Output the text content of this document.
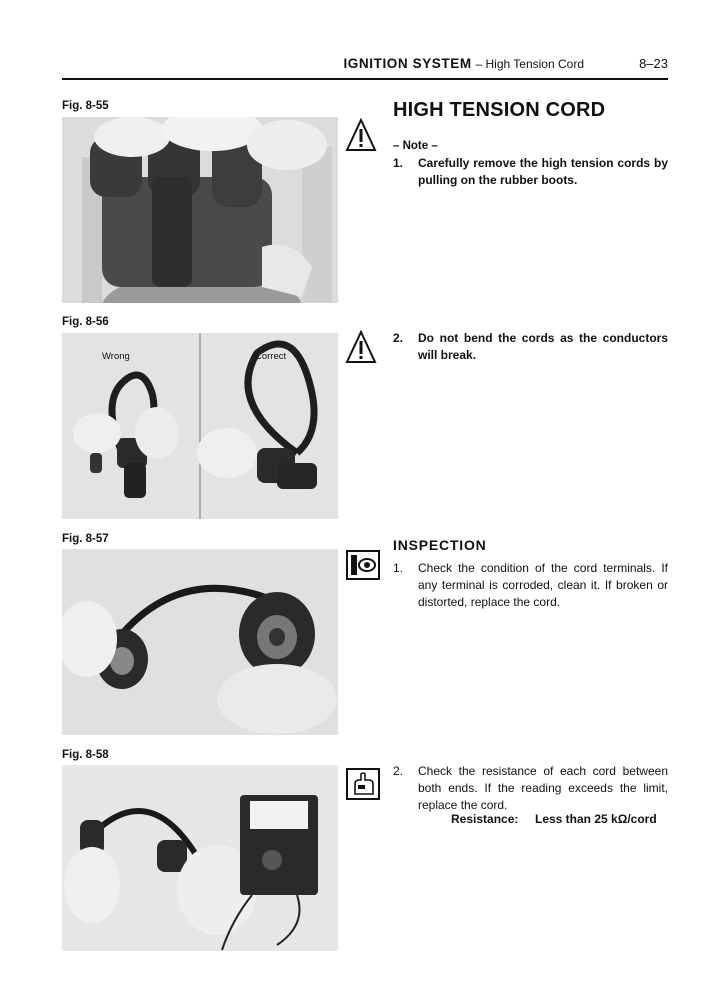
IGNITION SYSTEM – High Tension Cord	8–23
Fig. 8-55
Fig. 8-56
Wrong	Correct
Fig. 8-57
Fig. 8-58
HIGH TENSION CORD
– Note –
1.	Carefully remove the high tension cords by pulling on the rubber boots.
2.	Do not bend the cords as the conductors will break.
INSPECTION
1.	Check the condition of the cord terminals. If any terminal is corroded, clean it. If broken or distorted, replace the cord.
2.	Check the resistance of each cord between both ends. If the reading exceeds the limit, replace the cord.
Resistance: Less than 25 kΩ/cord
